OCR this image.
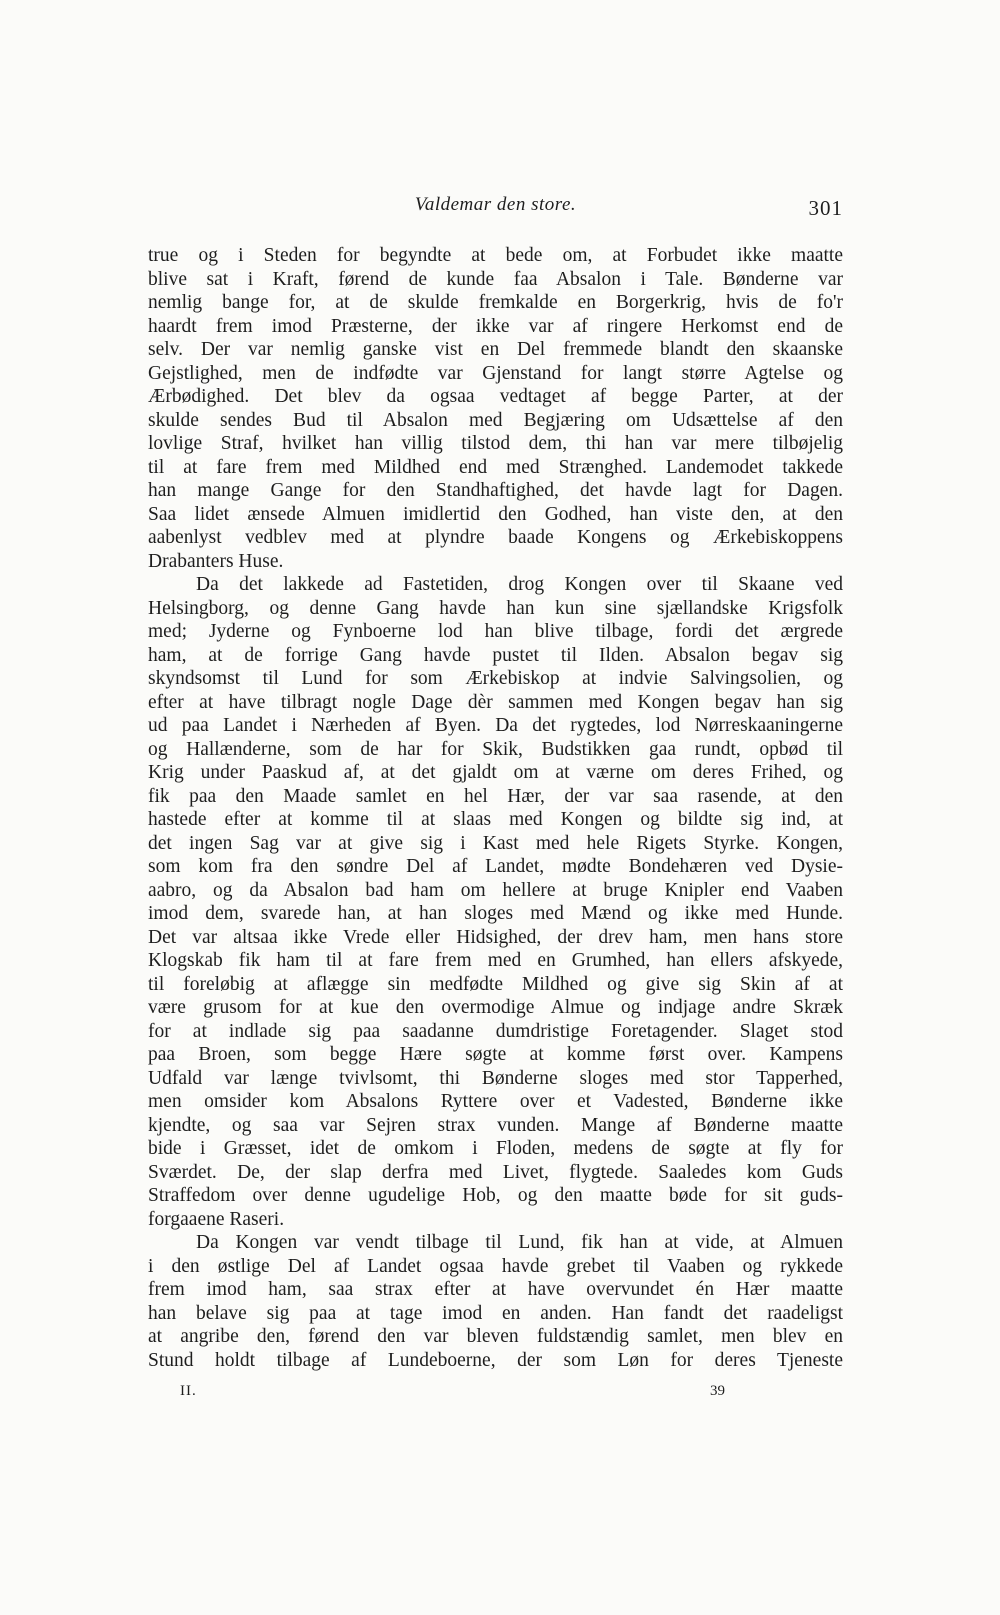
Valdemar den store.	301
true og i Steden for begyndte at bede om, at Forbudet ikke maatte
blive sat i Kraft, førend de kunde faa Absalon i Tale. Bønderne var
nemlig bange for, at de skulde fremkalde en Borgerkrig, hvis de fo'r
haardt frem imod Præsterne, der ikke var af ringere Herkomst end de
selv. Der var nemlig ganske vist en Del fremmede blandt den skaanske
Gejstlighed, men de indfødte var Gjenstand for langt større Agtelse og
Ærbødighed. Det blev da ogsaa vedtaget af begge Parter, at der
skulde sendes Bud til Absalon med Begjæring om Udsættelse af den
lovlige Straf, hvilket han villig tilstod dem, thi han var mere tilbøjelig
til at fare frem med Mildhed end med Strænghed. Landemodet takkede
han mange Gange for den Standhaftighed, det havde lagt for Dagen.
Saa lidet ænsede Almuen imidlertid den Godhed, han viste den, at den
aabenlyst vedblev med at plyndre baade Kongens og Ærkebiskoppens
Drabanters Huse.
Da det lakkede ad Fastetiden, drog Kongen over til Skaane ved
Helsingborg, og denne Gang havde han kun sine sjællandske Krigsfolk
med; Jyderne og Fynboerne lod han blive tilbage, fordi det ærgrede
ham, at de forrige Gang havde pustet til Ilden. Absalon begav sig
skyndsomst til Lund for som Ærkebiskop at indvie Salvingsolien, og
efter at have tilbragt nogle Dage dèr sammen med Kongen begav han sig
ud paa Landet i Nærheden af Byen. Da det rygtedes, lod Nørreskaaningerne
og Hallænderne, som de har for Skik, Budstikken gaa rundt, opbød til
Krig under Paaskud af, at det gjaldt om at værne om deres Frihed, og
fik paa den Maade samlet en hel Hær, der var saa rasende, at den
hastede efter at komme til at slaas med Kongen og bildte sig ind, at
det ingen Sag var at give sig i Kast med hele Rigets Styrke. Kongen,
som kom fra den søndre Del af Landet, mødte Bondehæren ved Dysie-
aabro, og da Absalon bad ham om hellere at bruge Knipler end Vaaben
imod dem, svarede han, at han sloges med Mænd og ikke med Hunde.
Det var altsaa ikke Vrede eller Hidsighed, der drev ham, men hans store
Klogskab fik ham til at fare frem med en Grumhed, han ellers afskyede,
til foreløbig at aflægge sin medfødte Mildhed og give sig Skin af at
være grusom for at kue den overmodige Almue og indjage andre Skræk
for at indlade sig paa saadanne dumdristige Foretagender. Slaget stod
paa Broen, som begge Hære søgte at komme først over. Kampens
Udfald var længe tvivlsomt, thi Bønderne sloges med stor Tapperhed,
men omsider kom Absalons Ryttere over et Vadested, Bønderne ikke
kjendte, og saa var Sejren strax vunden. Mange af Bønderne maatte
bide i Græsset, idet de omkom i Floden, medens de søgte at fly for
Sværdet. De, der slap derfra med Livet, flygtede. Saaledes kom Guds
Straffedom over denne ugudelige Hob, og den maatte bøde for sit guds-
forgaaene Raseri.
Da Kongen var vendt tilbage til Lund, fik han at vide, at Almuen
i den østlige Del af Landet ogsaa havde grebet til Vaaben og rykkede
frem imod ham, saa strax efter at have overvundet én Hær maatte
han belave sig paa at tage imod en anden. Han fandt det raadeligst
at angribe den, førend den var bleven fuldstændig samlet, men blev en
Stund holdt tilbage af Lundeboerne, der som Løn for deres Tjeneste
II.	39
